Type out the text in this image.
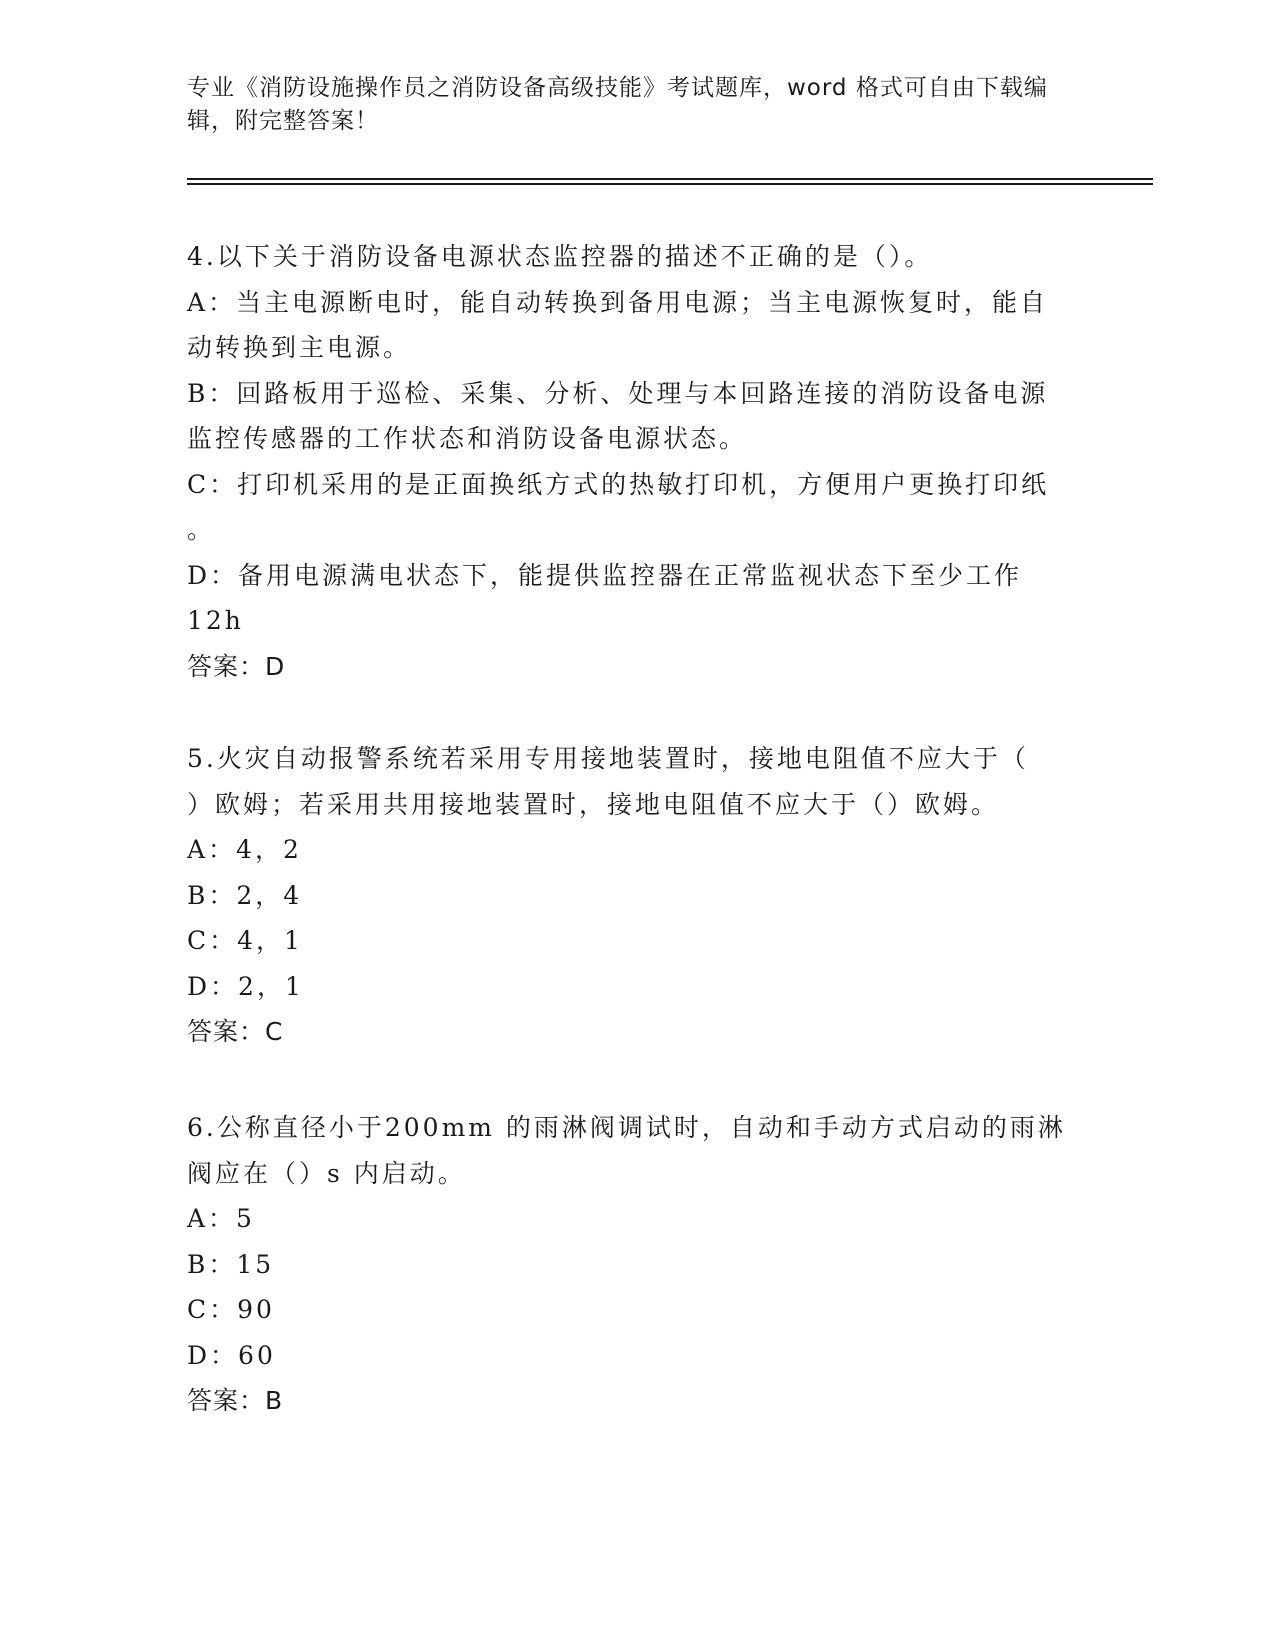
专业《消防设施操作员之消防设备高级技能》考试题库，word 格式可自由下载编
辑，附完整答案！

4.以下关于消防设备电源状态监控器的描述不正确的是（）。

A：当主电源断电时，能自动转换到备用电源；当主电源恢复时，能自

动转换到主电源。

B：回路板用于巡检、采集、分析、处理与本回路连接的消防设备电源

监控传感器的工作状态和消防设备电源状态。

C：打印机采用的是正面换纸方式的热敏打印机，方便用户更换打印纸

。

D：备用电源满电状态下，能提供监控器在正常监视状态下至少工作

12h

答案：D

5.火灾自动报警系统若采用专用接地装置时，接地电阻值不应大于（

）欧姆；若采用共用接地装置时，接地电阻值不应大于（）欧姆。

A：4，2

B：2，4

C：4，1

D：2，1

答案：C

6.公称直径小于200mm 的雨淋阀调试时，自动和手动方式启动的雨淋

阀应在（）s 内启动。

A：5

B：15

C：90

D：60

答案：B
